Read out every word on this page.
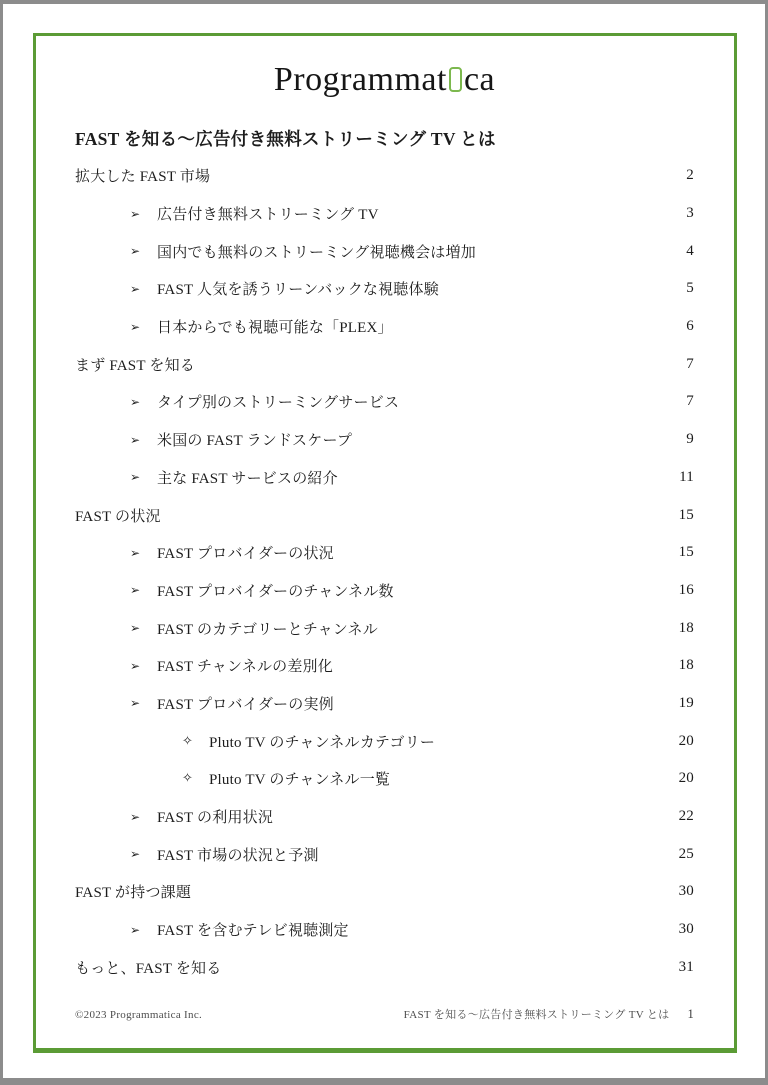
Programmat ca
FAST を知る〜広告付き無料ストリーミング TV とは
拡大した FAST 市場	2
➢ 広告付き無料ストリーミング TV	3
➢ 国内でも無料のストリーミング視聴機会は増加	4
➢ FAST 人気を誘うリーンバックな視聴体験	5
➢ 日本からでも視聴可能な「PLEX」	6
まず FAST を知る	7
➢ タイプ別のストリーミングサービス	7
➢ 米国の FAST ランドスケープ	9
➢ 主な FAST サービスの紹介	11
FAST の状況	15
➢ FAST プロバイダーの状況	15
➢ FAST プロバイダーのチャンネル数	16
➢ FAST のカテゴリーとチャンネル	18
➢ FAST チャンネルの差別化	18
➢ FAST プロバイダーの実例	19
✧ Pluto TV のチャンネルカテゴリー	20
✧ Pluto TV のチャンネル一覧	20
➢ FAST の利用状況	22
➢ FAST 市場の状況と予測	25
FAST が持つ課題	30
➢ FAST を含むテレビ視聴測定	30
もっと、FAST を知る	31
©2023 Programmatica Inc.	FAST を知る〜広告付き無料ストリーミング TV とは 1
